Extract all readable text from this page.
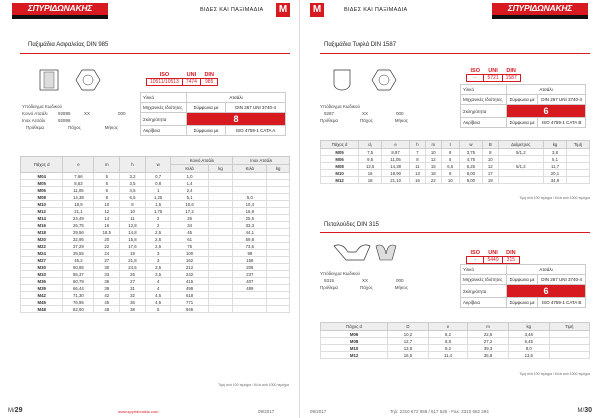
ΣΠΥΡΙΔΩΝΑΚΗΣ	ΒΙΔΕΣ ΚΑΙ ΠΑΞΙΜΑΔΙΑ M
Παξιμάδια Ασφαλείας DIN 985
ISO	UNI	DIN
10511/10513	7474	985
Υλικό	Ατσάλι	
Μηχανικές Ιδιότητες	Σύμφωνα με	DIN 267 UNI 3740-4
Σκληρότητα	8	
Ακρίβεια	Σύμφωνα με	ISO 4759-1 CATA A
Υπόδειγμα Κωδικού
Κοινό Ατσάλι	92895	XX	000
Inox Ατσάλι	92896
Πρόθεμα	Πάχος	Μήκος
Πάχος d	e	m	h	w	Κοινό Ατσάλι		Inox Ατσάλι	
					Κιλά	kg	Κιλά	kg
M04	7,66	5	3,2	0,7	1,0			
M05	8,63	5	3,5	0,8	1,4			
M06	11,05	6	4,5	1	2,4			
M08	14,38	8	6,5	1,25	5,1		5,0	
M10	18,9	10	8	1,5	10,6		10,4	
M12	21,1	12	10	1,75	17,2		16,9	
M14	24,49	14	11	2	26		25,5	
M16	26,75	16	12,8	2	34		33,3	
M18	29,56	18,5	14,8	2,5	45		44,1	
M20	32,95	20	15,8	2,5	61		59,8	
M22	37,29	22	17,6	2,5	75		73,5	
M24	39,55	24	19	3	100		98	
M27	45,2	27	21,8	3	162		158	
M30	50,85	30	24,5	3,5	212		208	
M33	55,37	33	26	3,5	242		237	
M36	60,79	36	27	4	415		407	
M39	66,44	39	31	4	499		489	
M42	71,30	42	32	4,5	618			
M45	76,95	45	36	4,5	771			
M48	82,60	48	38	5	946			
Τιμή ανά 100 τεμάχια / Κιλά ανά 1000 τεμάχια
M/29	www.spyridonakis.com	09/2017
M	ΒΙΔΕΣ ΚΑΙ ΠΑΞΙΜΑΔΙΑ	ΣΠΥΡΙΔΩΝΑΚΗΣ
Παξιμάδια Τυφλά DIN 1587
ISO	UNI	DIN
-	5721	1587
Υλικό	Ατσάλι	
Μηχανικές Ιδιότητες	Σύμφωνα με	DIN 267 UNI 3740-4
Σκληρότητα	6	
Ακρίβεια	Σύμφωνα με	ISO 4759-1 CATA B
Υπόδειγμα Κωδικού
9287	XX	000
Πρόθεμα	Πάχος	Μήκος
Πάχος d	d₁	e	h	m	t	w	Β	Διάμετρος	kg	Τιμή
M05	7,5	8,87	7	10	8	3,75	8	5/1,2	3,8	
M06	9,5	11,05	8	12	5	4,75	10		5,1	
M08	12,5	14,38	11	15	6,5	6,25	12	5/1,2	11,7	
M10	16	18,90	13	18	8	8,00	17		20,1	
M12	18	21,10	16	22	10	9,00	19		34,9	
Τιμή ανά 100 τεμάχια / Κιλά ανά 1000 τεμάχια
Πεταλούδες DIN 315
ISO	UNI	DIN
-	5449	315
Υλικό	Ατσάλι	
Μηχανικές Ιδιότητες	Σύμφωνα με	DIN 267 UNI 3740-4
Σκληρότητα	6	
Ακρίβεια	Σύμφωνα με	ISO 4759-1 CATA B
Υπόδειγμα Κωδικού
9315	XX	000
Πρόθεμα	Πάχος	Μήκος
Πάχος d	D	e	m	kg	Τιμή
M06	10,2	8,2	22,5	3,46	
M08	12,7	8,8	27,2	6,45	
M10	13,8	9,2	39,3	8,0	
M12	16,5	11,4	35,8	13,5	
Τιμή ανά 100 τεμάχια / Κιλά ανά 1000 τεμάχια
09/2017	Τηλ: 2310 672 958 / 617 525 - Fax: 2310 682 294	M/30
